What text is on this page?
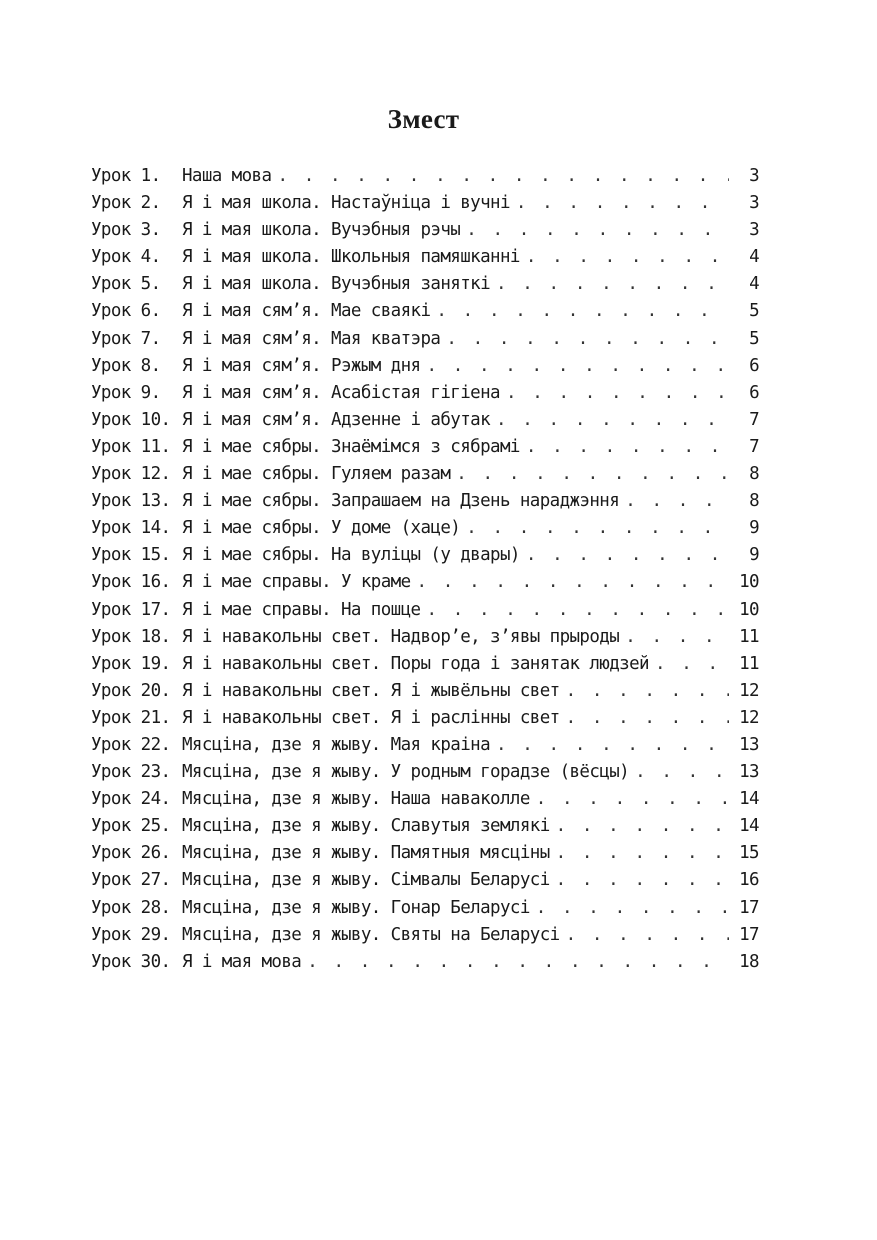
Змест
Урок 1.	Наша мова . . .	3
Урок 2.	Я і мая школа. Настаўніца і вучні . . .	3
Урок 3.	Я і мая школа. Вучэбныя рэчы . . .	3
Урок 4.	Я і мая школа. Школьныя памяшканні . . .	4
Урок 5.	Я і мая школа. Вучэбныя заняткі . . .	4
Урок 6.	Я і мая сям’я. Мае сваякі . . .	5
Урок 7.	Я і мая сям’я. Мая кватэра . . .	5
Урок 8.	Я і мая сям’я. Рэжым дня . . .	6
Урок 9.	Я і мая сям’я. Асабістая гігіена . . .	6
Урок 10. Я і мая сям’я. Адзенне і абутак . . .	7
Урок 11. Я і мае сябры. Знаёмімся з сябрамі . . .	7
Урок 12. Я і мае сябры. Гуляем разам . . .	8
Урок 13. Я і мае сябры. Запрашаем на Дзень нараджэння . . .	8
Урок 14. Я і мае сябры. У доме (хаце) . . .	9
Урок 15. Я і мае сябры. На вуліцы (у двары) . . .	9
Урок 16. Я і мае справы. У краме . . .	10
Урок 17. Я і мае справы. На пошце . . .	10
Урок 18. Я і навакольны свет. Надвор’е, з’явы прыроды . . .	11
Урок 19. Я і навакольны свет. Поры года і занятак людзей . . .	11
Урок 20. Я і навакольны свет. Я і жывёльны свет . . .	12
Урок 21. Я і навакольны свет. Я і раслінны свет . . .	12
Урок 22. Мясціна, дзе я жыву. Мая краіна . . .	13
Урок 23. Мясціна, дзе я жыву. У родным горадзе (вёсцы) . . .	13
Урок 24. Мясціна, дзе я жыву. Наша наваколле . . .	14
Урок 25. Мясціна, дзе я жыву. Славутыя землякі . . .	14
Урок 26. Мясціна, дзе я жыву. Памятныя мясціны . . .	15
Урок 27. Мясціна, дзе я жыву. Сімвалы Беларусі . . .	16
Урок 28. Мясціна, дзе я жыву. Гонар Беларусі . . .	17
Урок 29. Мясціна, дзе я жыву. Святы на Беларусі . . .	17
Урок 30. Я і мая мова . . .	18
